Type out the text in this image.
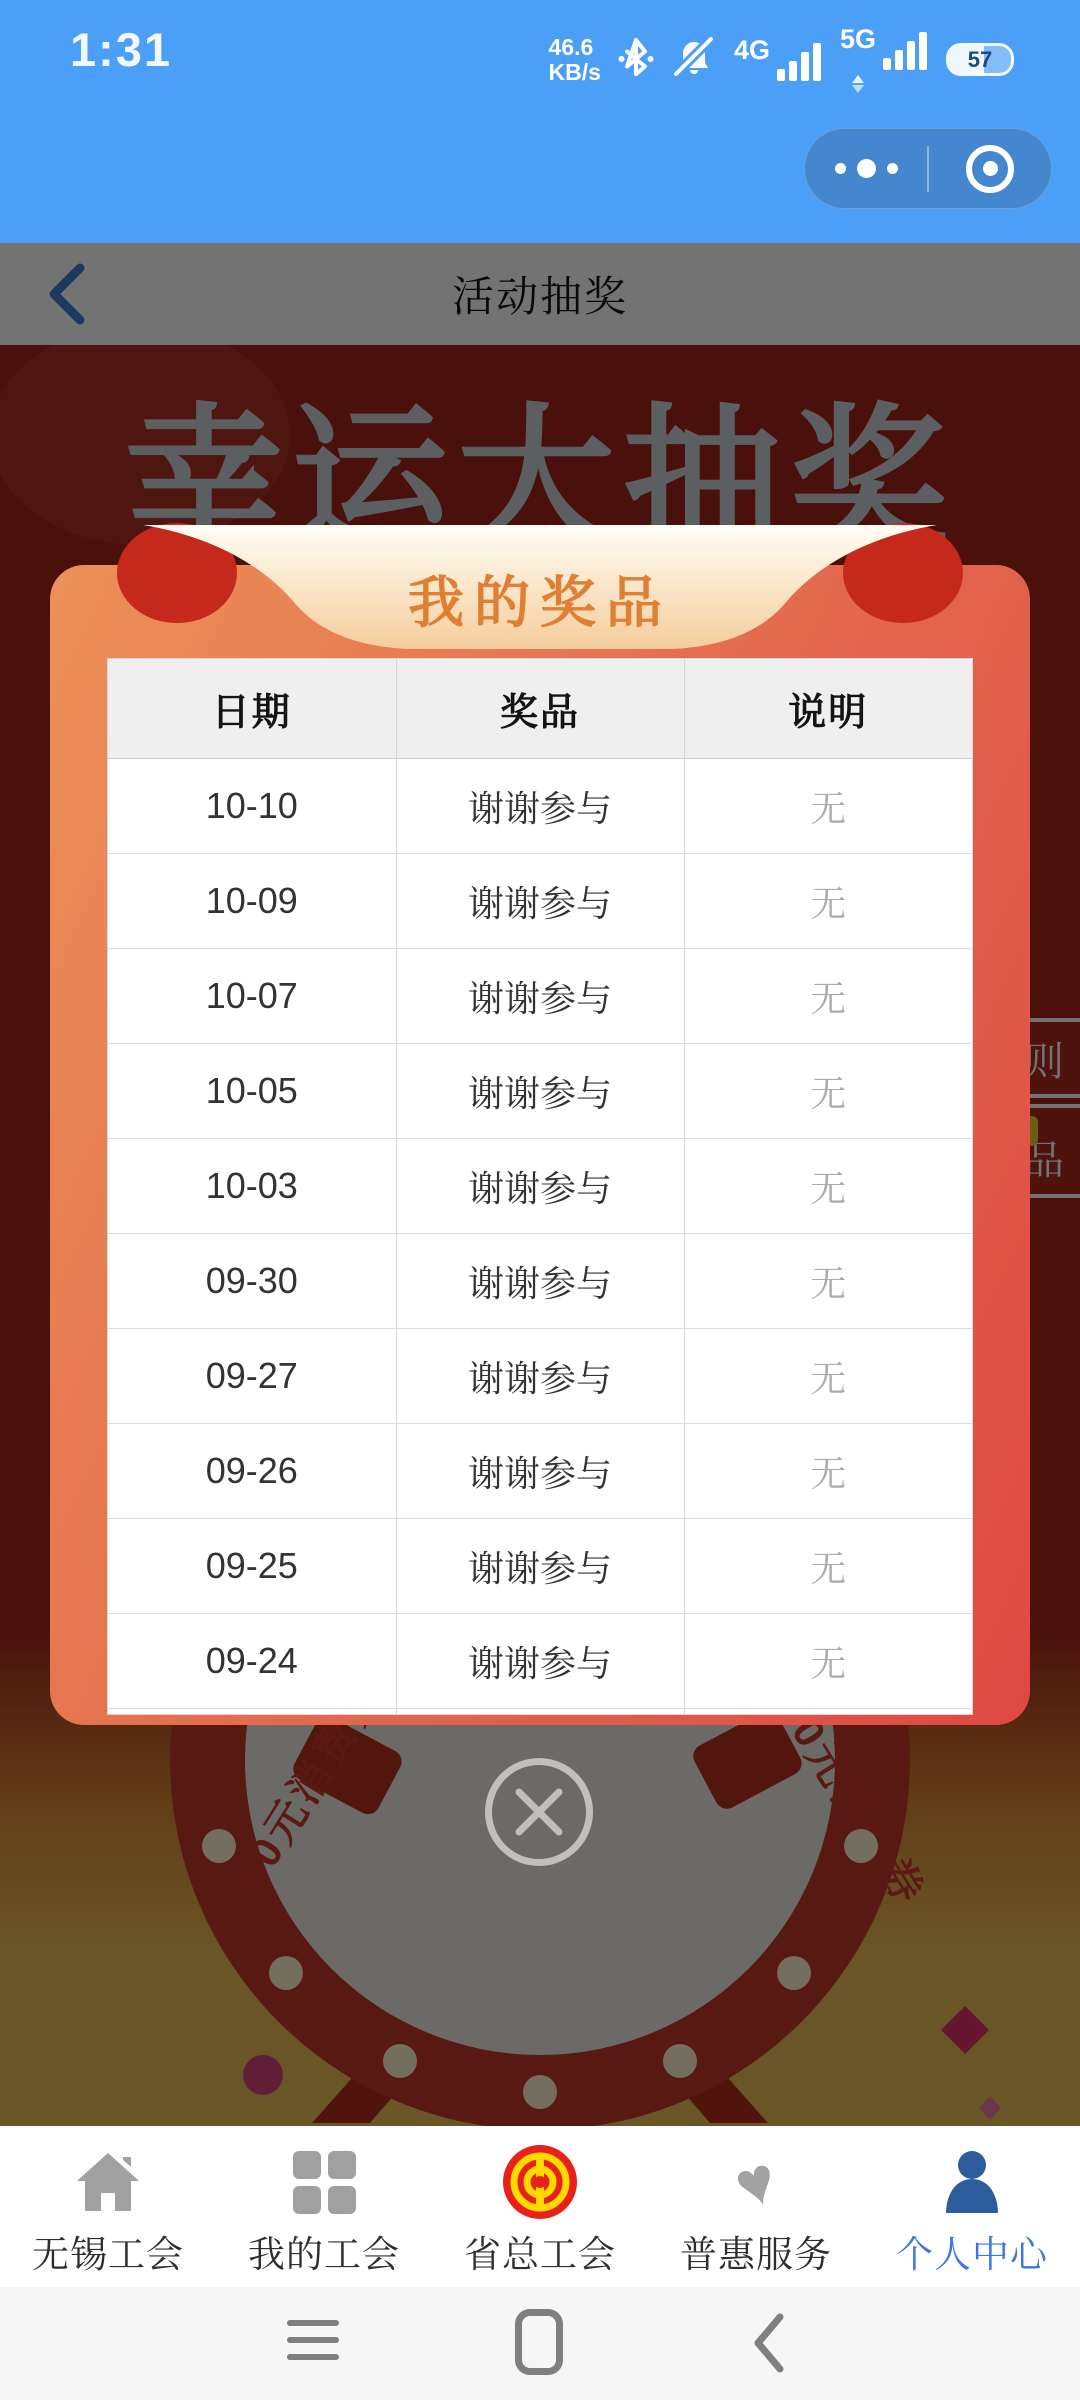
1:31	46.6
KB/s
4G	5G
57
我的奖品
日期	奖品	说明
10-10	谢谢参与	无
10-09	谢谢参与	无
10-07	谢谢参与	无
10-05	谢谢参与	无
10-03	谢谢参与	无
09-30	谢谢参与	无
09-27	谢谢参与	无
09-26	谢谢参与	无
09-25	谢谢参与	无
09-24	谢谢参与	无

无锡工会 我的工会 省总工会
♥
普惠服务 个人中心
